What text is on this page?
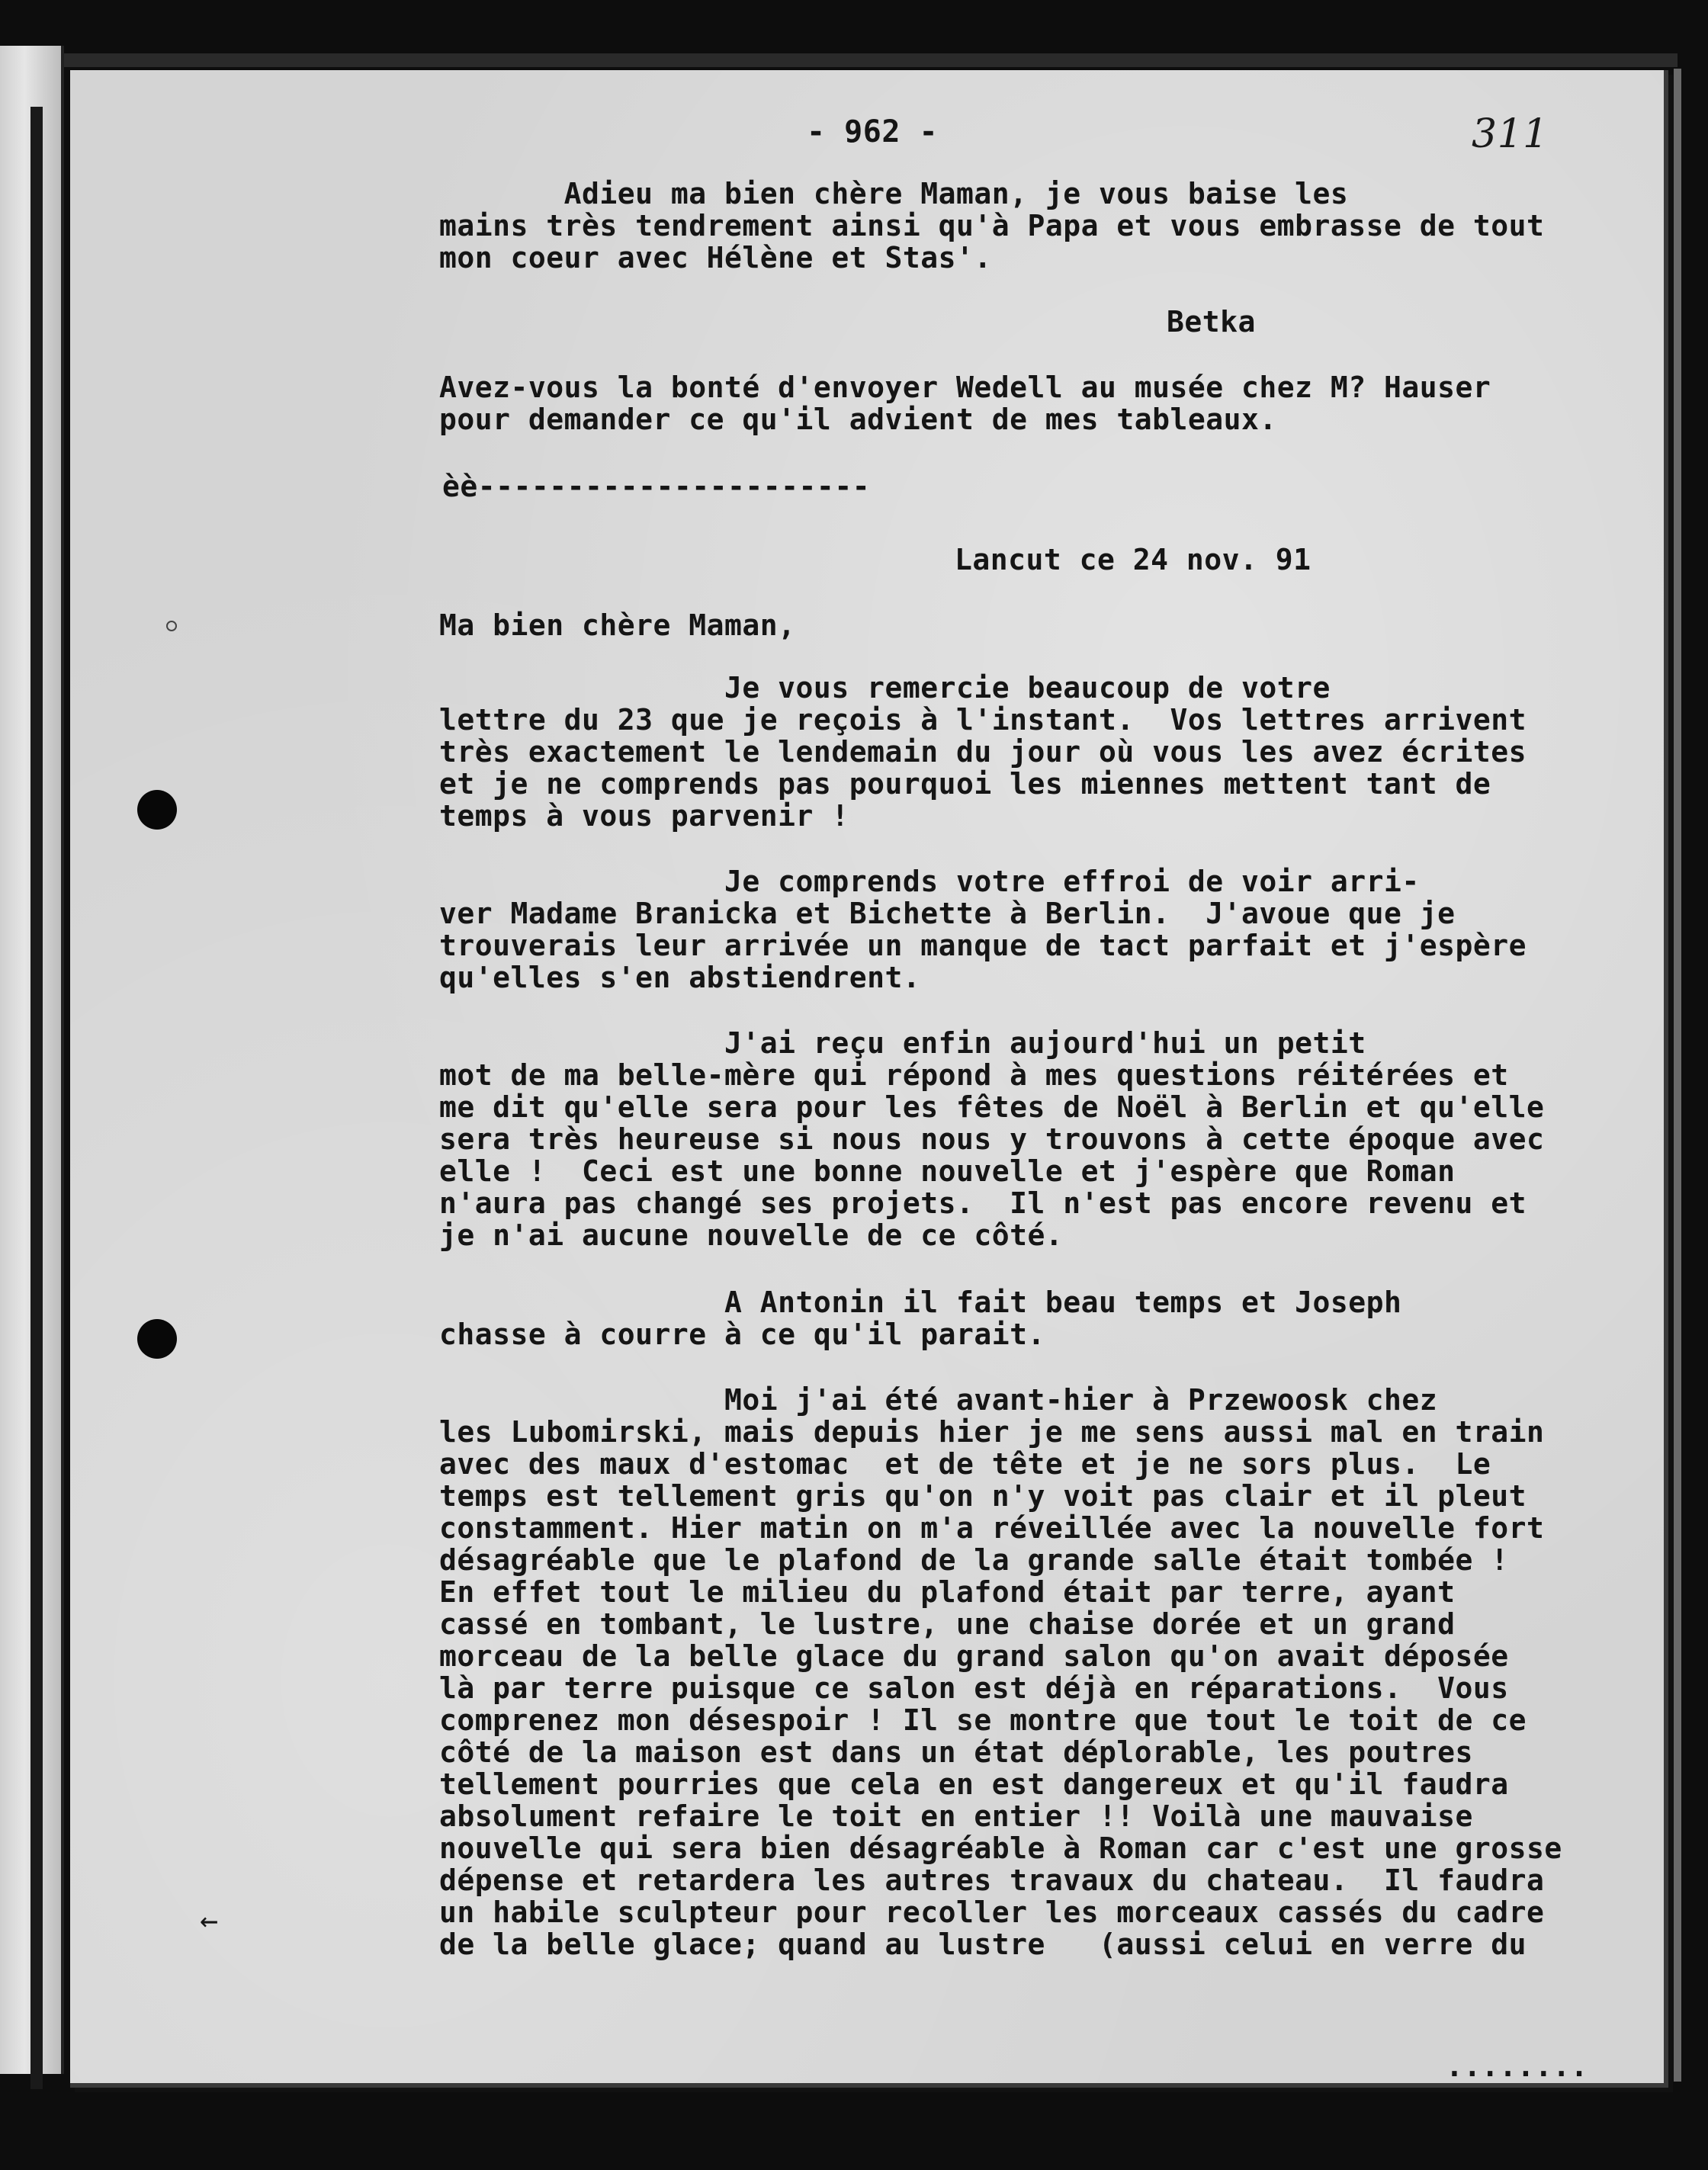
- 962 -	311
Adieu ma bien chère Maman, je vous baise les
mains très tendrement ainsi qu'à Papa et vous embrasse de tout
mon coeur avec Hélène et Stas'.
Betka
Avez-vous la bonté d'envoyer Wedell au musée chez M? Hauser
pour demander ce qu'il advient de mes tableaux.
èè----------------------
Lancut ce 24 nov. 91
Ma bien chère Maman,
Je vous remercie beaucoup de votre
lettre du 23 que je reçois à l'instant.  Vos lettres arrivent
très exactement le lendemain du jour où vous les avez écrites
et je ne comprends pas pourquoi les miennes mettent tant de
temps à vous parvenir !
Je comprends votre effroi de voir arri-
ver Madame Branicka et Bichette à Berlin.  J'avoue que je
trouverais leur arrivée un manque de tact parfait et j'espère
qu'elles s'en abstiendrent.
J'ai reçu enfin aujourd'hui un petit
mot de ma belle-mère qui répond à mes questions réitérées et
me dit qu'elle sera pour les fêtes de Noël à Berlin et qu'elle
sera très heureuse si nous nous y trouvons à cette époque avec
elle !  Ceci est une bonne nouvelle et j'espère que Roman
n'aura pas changé ses projets.  Il n'est pas encore revenu et
je n'ai aucune nouvelle de ce côté.
A Antonin il fait beau temps et Joseph
chasse à courre à ce qu'il parait.
Moi j'ai été avant-hier à Przewoosk chez
les Lubomirski, mais depuis hier je me sens aussi mal en train
avec des maux d'estomac  et de tête et je ne sors plus.  Le
temps est tellement gris qu'on n'y voit pas clair et il pleut
constamment. Hier matin on m'a réveillée avec la nouvelle fort
désagréable que le plafond de la grande salle était tombée !
En effet tout le milieu du plafond était par terre, ayant
cassé en tombant, le lustre, une chaise dorée et un grand
morceau de la belle glace du grand salon qu'on avait déposée
là par terre puisque ce salon est déjà en réparations.  Vous
comprenez mon désespoir ! Il se montre que tout le toit de ce
côté de la maison est dans un état déplorable, les poutres
tellement pourries que cela en est dangereux et qu'il faudra
absolument refaire le toit en entier !! Voilà une mauvaise
nouvelle qui sera bien désagréable à Roman car c'est une grosse
dépense et retardera les autres travaux du chateau.  Il faudra
un habile sculpteur pour recoller les morceaux cassés du cadre
de la belle glace; quand au lustre   (aussi celui en verre du
←
........
